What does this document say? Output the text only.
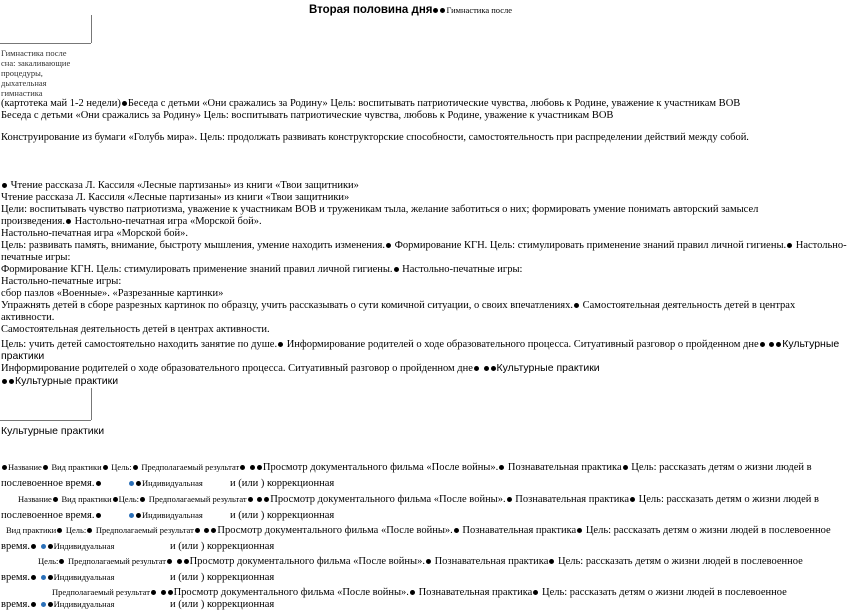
Вторая половина дня Гимнастика после
Гимнастика после
сна: закаливающие
процедуры,
дыхательная
гимнастика
(картотека май 1-2 недели) Беседа с детьми «Они сражались за Родину» Цель: воспитывать патриотические чувства, любовь к Родине, уважение к участникам ВОВ
Беседа с детьми «Они сражались за Родину» Цель: воспитывать патриотические чувства, любовь к Родине, уважение к участникам ВОВ
Конструирование из бумаги «Голубь мира». Цель: продолжать развивать конструкторские способности, самостоятельность при распределении действий между собой.
Чтение рассказа Л. Кассиля «Лесные партизаны» из книги «Твои защитники»
Чтение рассказа Л. Кассиля «Лесные партизаны» из книги «Твои защитники»
Цели: воспитывать чувство патриотизма, уважение к участникам ВОВ и труженикам тыла, желание заботиться о них; формировать умение понимать авторский замысел
произведения. Настольно-печатная игра «Морской бой».
Настольно-печатная игра «Морской бой».
Цель: развивать память, внимание, быстроту мышления, умение находить изменения. Формирование КГН. Цель: стимулировать применение знаний правил личной гигиены. Настольно-
печатные игры:
Формирование КГН. Цель: стимулировать применение знаний правил личной гигиены. Настольно-печатные игры:
Настольно-печатные игры:
сбор пазлов «Военные». «Разрезанные картинки»
Упражнять детей в сборе разрезных картинок по образцу, учить рассказывать о сути комичной ситуации, о своих впечатлениях. Самостоятельная деятельность детей в центрах
активности.
Самостоятельная деятельность детей в центрах активности.
Цель: учить детей самостоятельно находить занятие по душе. Информирование родителей о ходе образовательного процесса. Ситуативный разговор о пройденном дне Культурные
практики
Информирование родителей о ходе образовательного процесса. Ситуативный разговор о пройденном дне Культурные практики
Культурные практики
Культурные практики
Название Вид практики Цель: Предполагаемый результат Просмотр документального фильма «После войны». Познавательная практика Цель: рассказать детям о жизни людей в
послевоенное время.	Индивидуальная	и (или ) коррекционная
Название Вид практики Цель: Предполагаемый результат Просмотр документального фильма «После войны». Познавательная практика Цель: рассказать детям о жизни людей в
послевоенное время.	Индивидуальная	и (или ) коррекционная
Вид практики Цель: Предполагаемый результат Просмотр документального фильма «После войны». Познавательная практика Цель: рассказать детям о жизни людей в послевоенное
время.	Индивидуальная	и (или ) коррекционная
Цель: Предполагаемый результат Просмотр документального фильма «После войны». Познавательная практика Цель: рассказать детям о жизни людей в послевоенное
время.	Индивидуальная	и (или ) коррекционная
Предполагаемый результат Просмотр документального фильма «После войны». Познавательная практика Цель: рассказать детям о жизни людей в послевоенное
время.	Индивидуальная	и (или ) коррекционная
